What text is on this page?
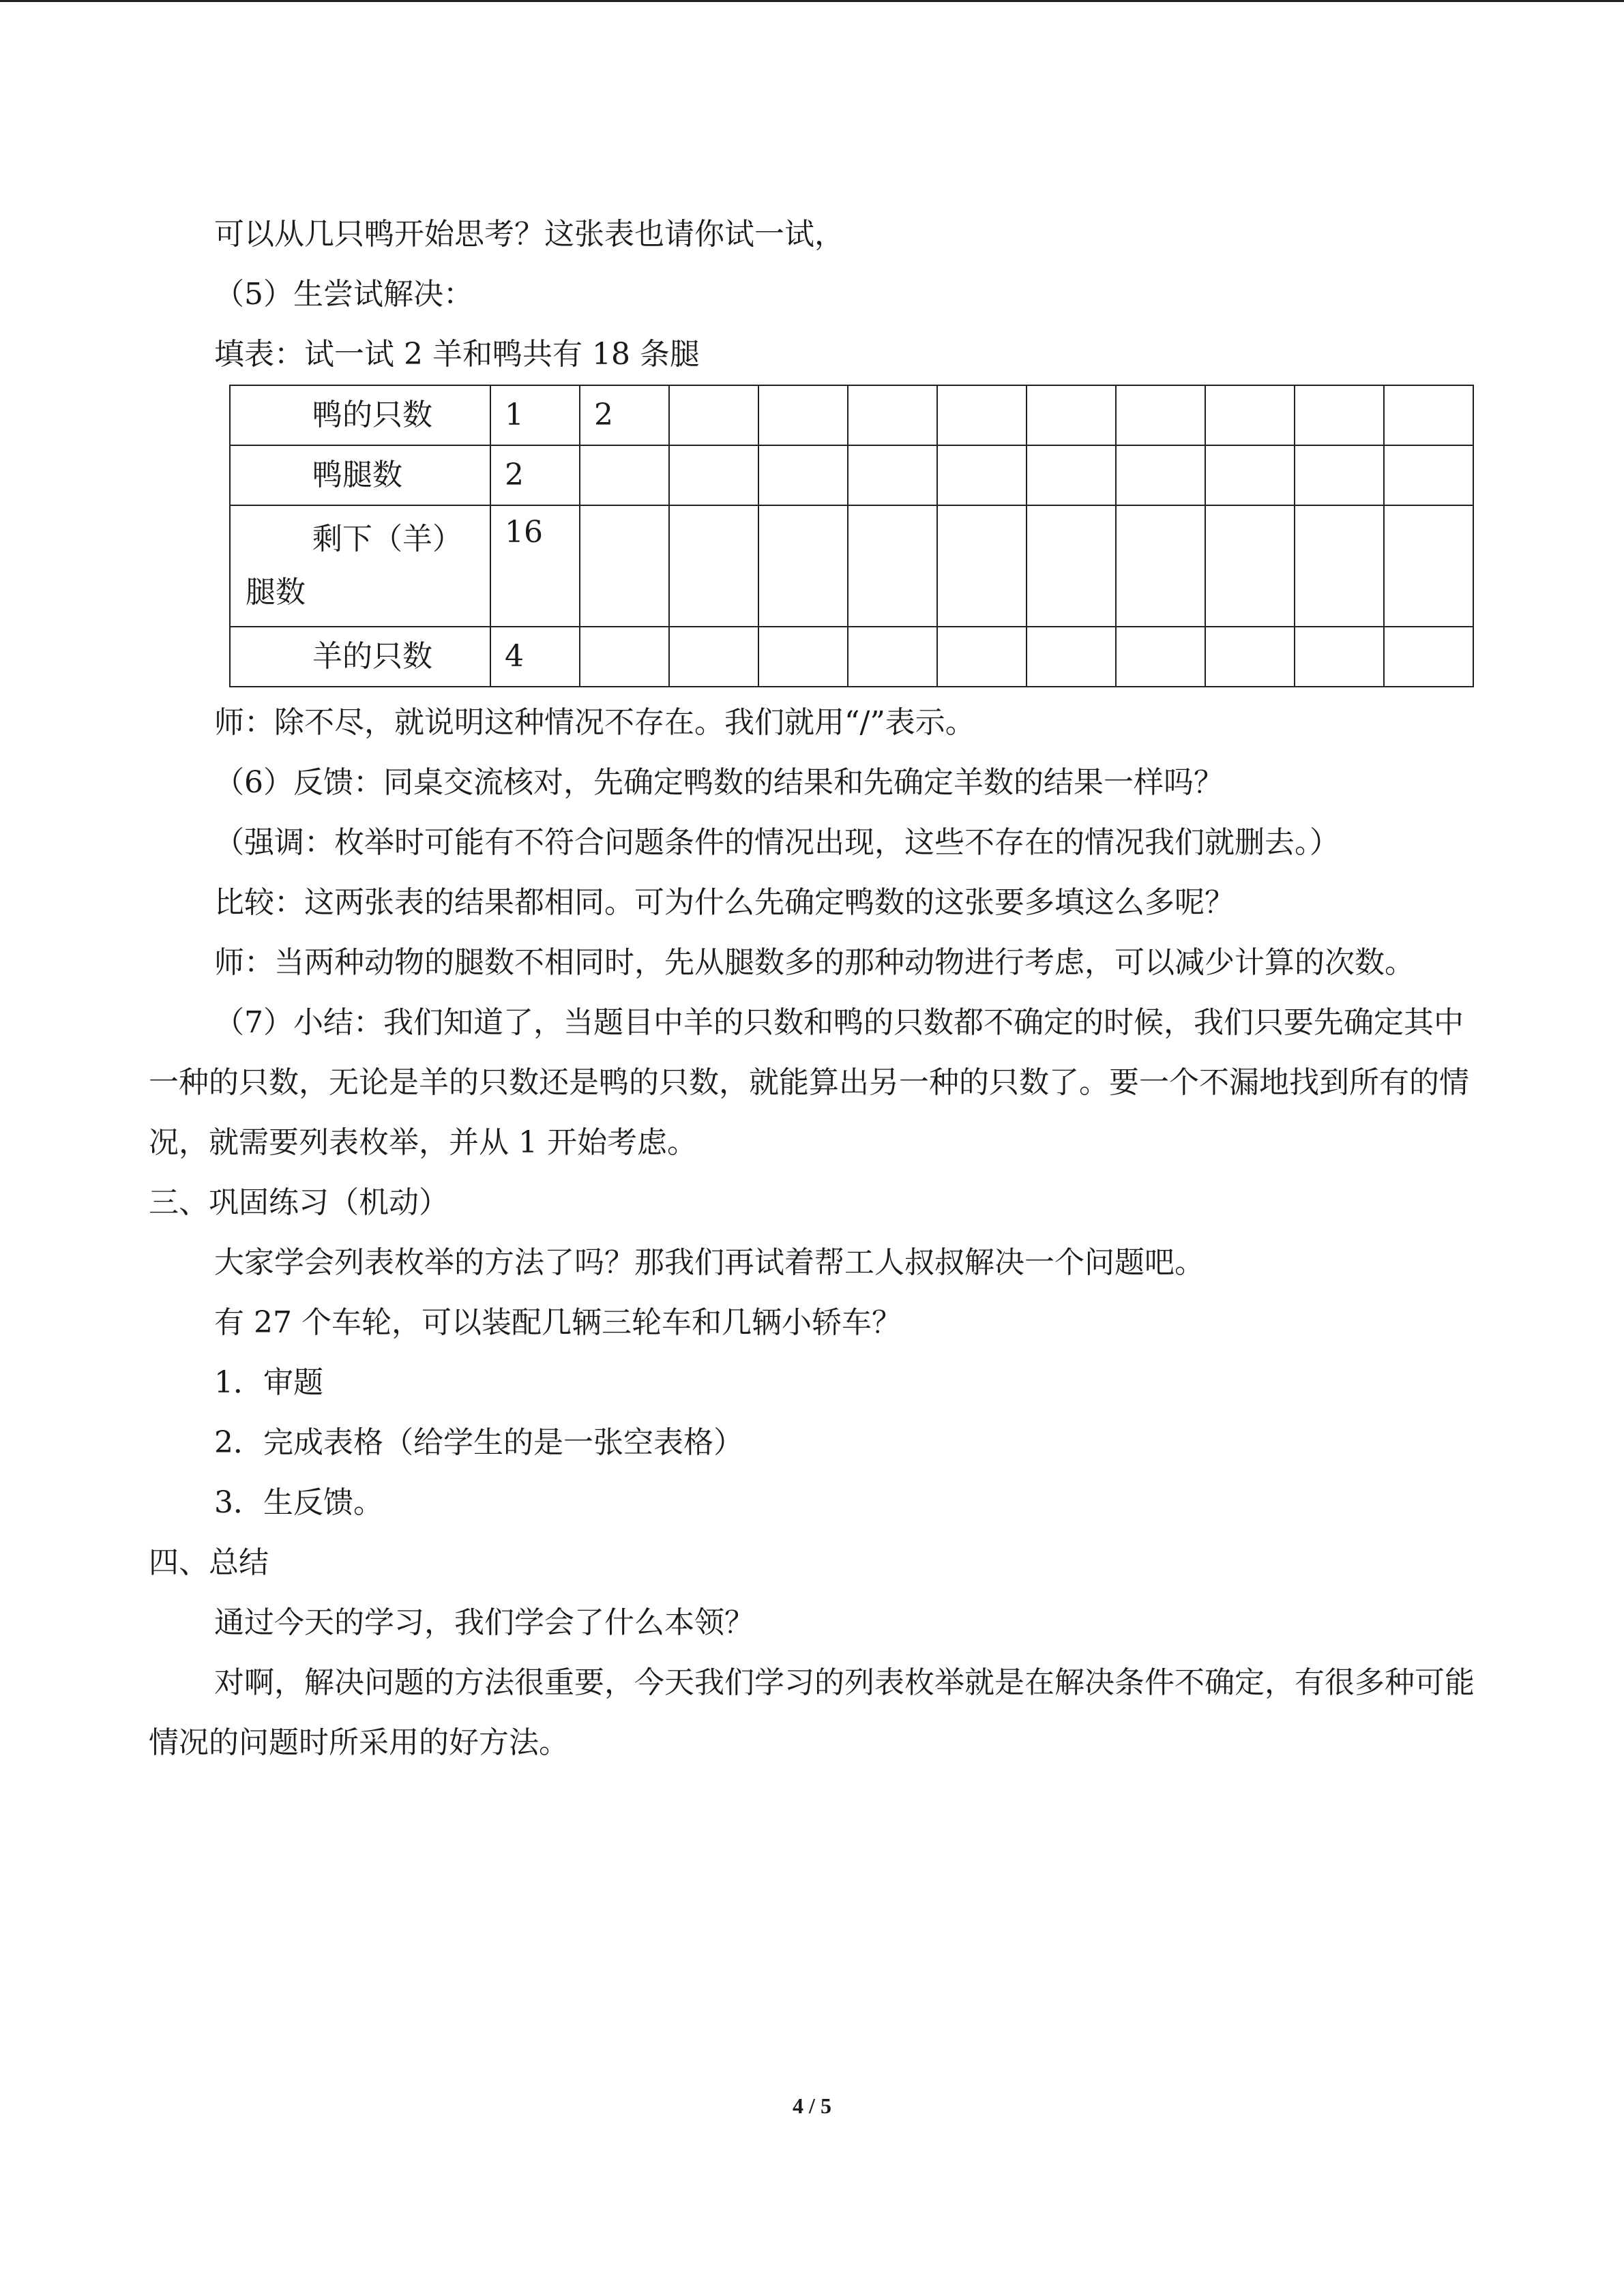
可以从几只鸭开始思考？这张表也请你试一试，

（5）生尝试解决：

填表：试一试 2 羊和鸭共有 18 条腿

鸭的只数	1	2									

鸭腿数	2										

剩下（羊）
腿数	16										

羊的只数	4										

师：除不尽，就说明这种情况不存在。我们就用“/”表示。

（6）反馈：同桌交流核对，先确定鸭数的结果和先确定羊数的结果一样吗？

（强调：枚举时可能有不符合问题条件的情况出现，这些不存在的情况我们就删去。）

比较：这两张表的结果都相同。可为什么先确定鸭数的这张要多填这么多呢？

师：当两种动物的腿数不相同时，先从腿数多的那种动物进行考虑，可以减少计算的次数。

（7）小结：我们知道了，当题目中羊的只数和鸭的只数都不确定的时候，我们只要先确定其中一种的只数，无论是羊的只数还是鸭的只数，就能算出另一种的只数了。要一个不漏地找到所有的情况，就需要列表枚举，并从 1 开始考虑。

三、巩固练习（机动）

大家学会列表枚举的方法了吗？那我们再试着帮工人叔叔解决一个问题吧。

有 27 个车轮，可以装配几辆三轮车和几辆小轿车？

1．审题

2．完成表格（给学生的是一张空表格）

3．生反馈。

四、总结

通过今天的学习，我们学会了什么本领？

对啊，解决问题的方法很重要，今天我们学习的列表枚举就是在解决条件不确定，有很多种可能情况的问题时所采用的好方法。

4 / 5
